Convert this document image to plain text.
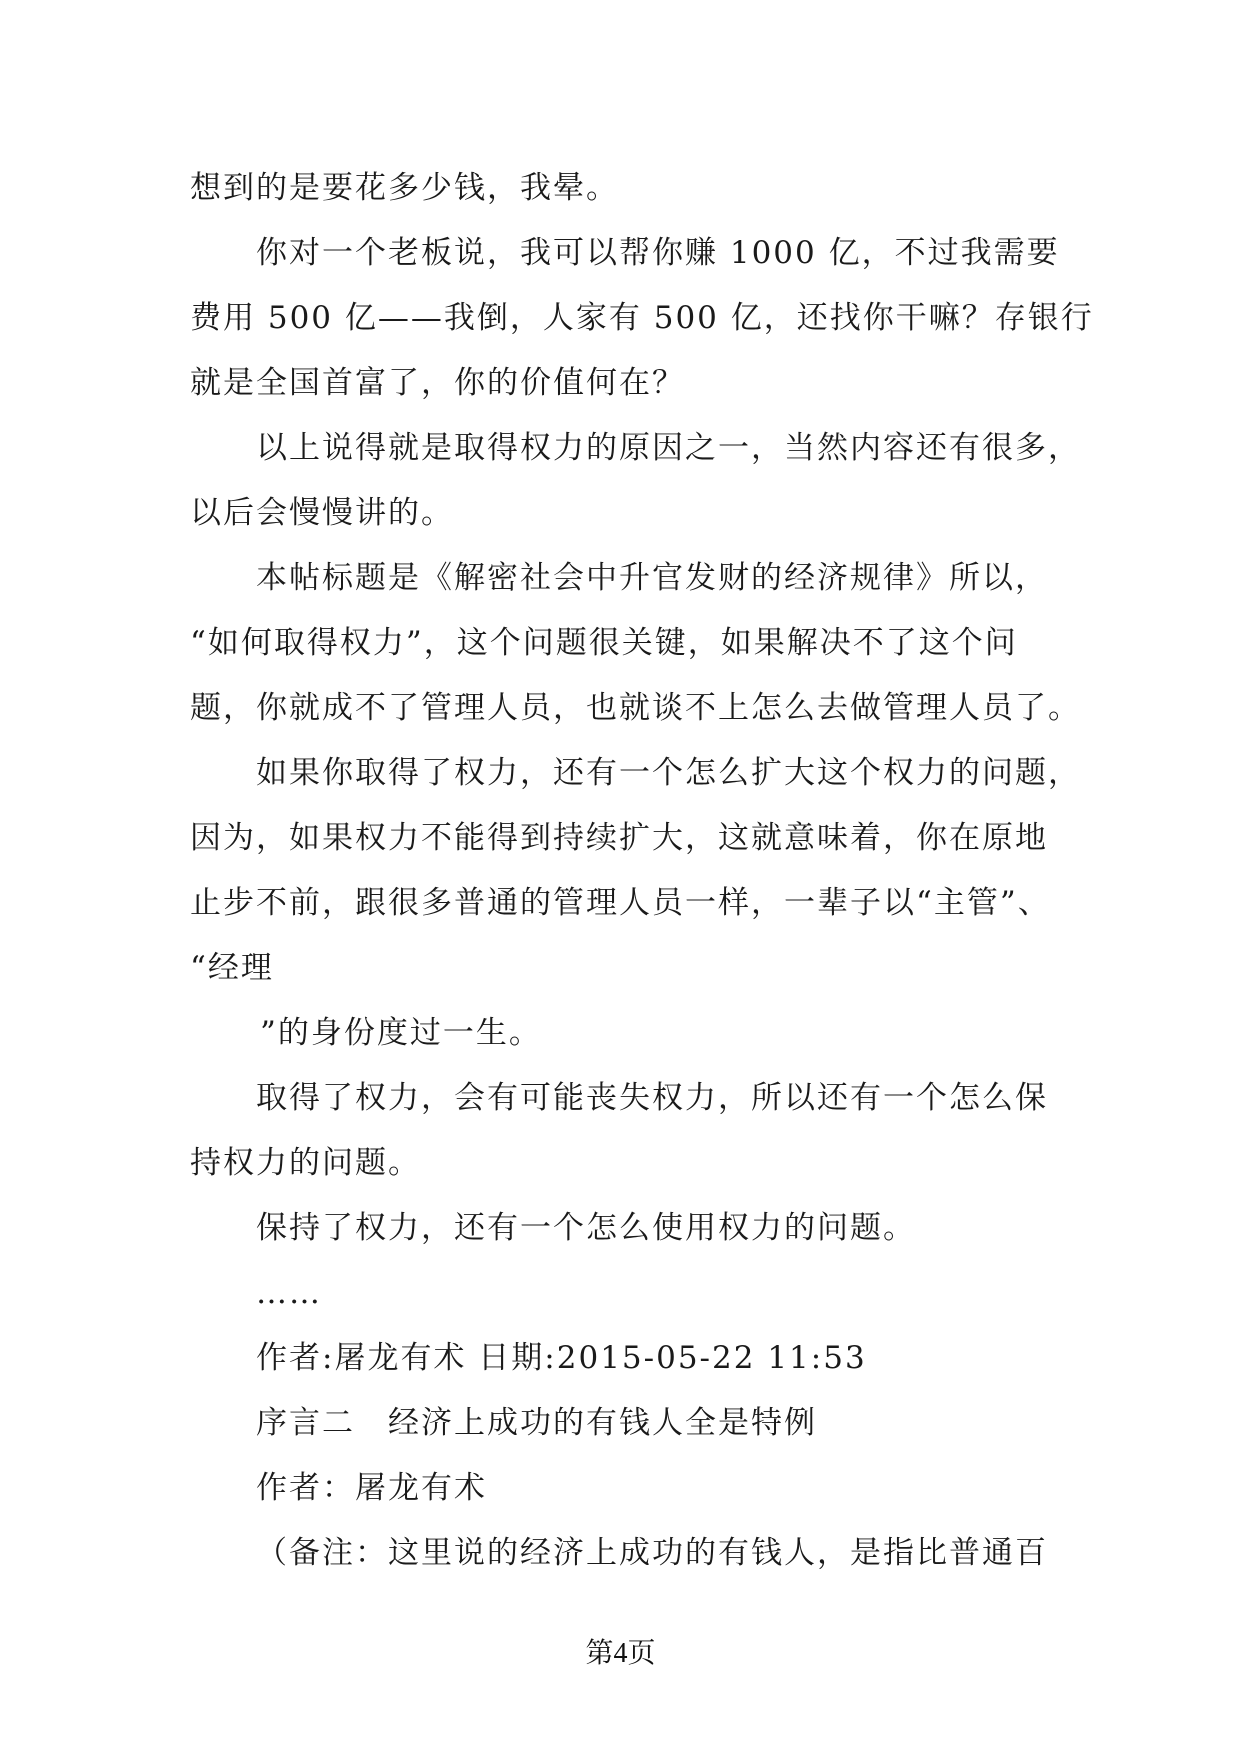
想到的是要花多少钱，我晕。
你对一个老板说，我可以帮你赚 1000 亿，不过我需要
费用 500 亿——我倒，人家有 500 亿，还找你干嘛？存银行
就是全国首富了，你的价值何在？
以上说得就是取得权力的原因之一，当然内容还有很多，
以后会慢慢讲的。
本帖标题是《解密社会中升官发财的经济规律》所以，
“如何取得权力”，这个问题很关键，如果解决不了这个问
题，你就成不了管理人员，也就谈不上怎么去做管理人员了。
如果你取得了权力，还有一个怎么扩大这个权力的问题，
因为，如果权力不能得到持续扩大，这就意味着，你在原地
止步不前，跟很多普通的管理人员一样，一辈子以“主管”、
“经理
”的身份度过一生。
取得了权力，会有可能丧失权力，所以还有一个怎么保
持权力的问题。
保持了权力，还有一个怎么使用权力的问题。
……
作者:屠龙有术 日期:2015-05-22 11:53
序言二　经济上成功的有钱人全是特例
作者：屠龙有术
（备注：这里说的经济上成功的有钱人，是指比普通百
第4页
